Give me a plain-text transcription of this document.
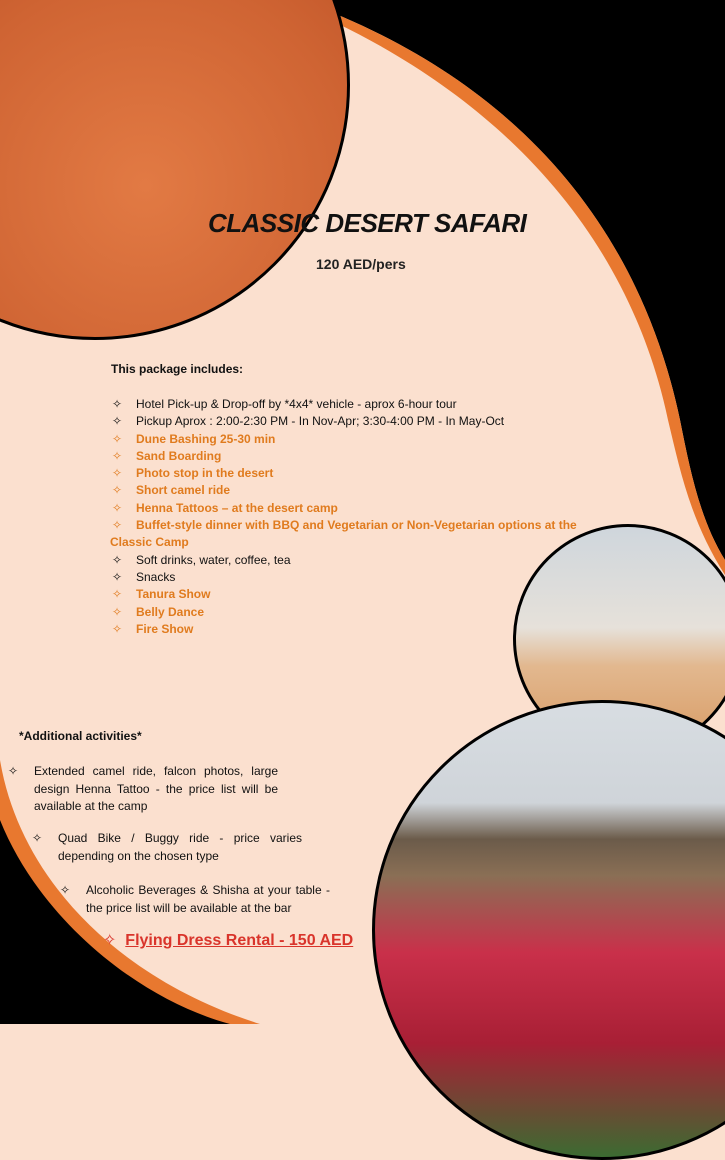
CLASSIC DESERT SAFARI
120 AED/pers
This package includes:
✧ Hotel Pick-up & Drop-off by *4x4* vehicle - aprox 6-hour tour
✧ Pickup Aprox : 2:00-2:30 PM - In Nov-Apr; 3:30-4:00 PM - In May-Oct
✧ Dune Bashing 25-30 min
✧ Sand Boarding
✧ Photo stop in the desert
✧ Short camel ride
✧ Henna Tattoos – at the desert camp
✧ Buffet-style dinner with BBQ and Vegetarian or Non-Vegetarian options at the
Classic Camp
✧ Soft drinks, water, coffee, tea
✧ Snacks
✧ Tanura Show
✧ Belly Dance
✧ Fire Show
*Additional activities*
✧ Extended camel ride, falcon photos, large design Henna Tattoo - the price list will be available at the camp
✧ Quad Bike / Buggy ride - price varies depending on the chosen type
✧ Alcoholic Beverages & Shisha at your table - the price list will be available at the bar
✧ Flying Dress Rental - 150 AED
